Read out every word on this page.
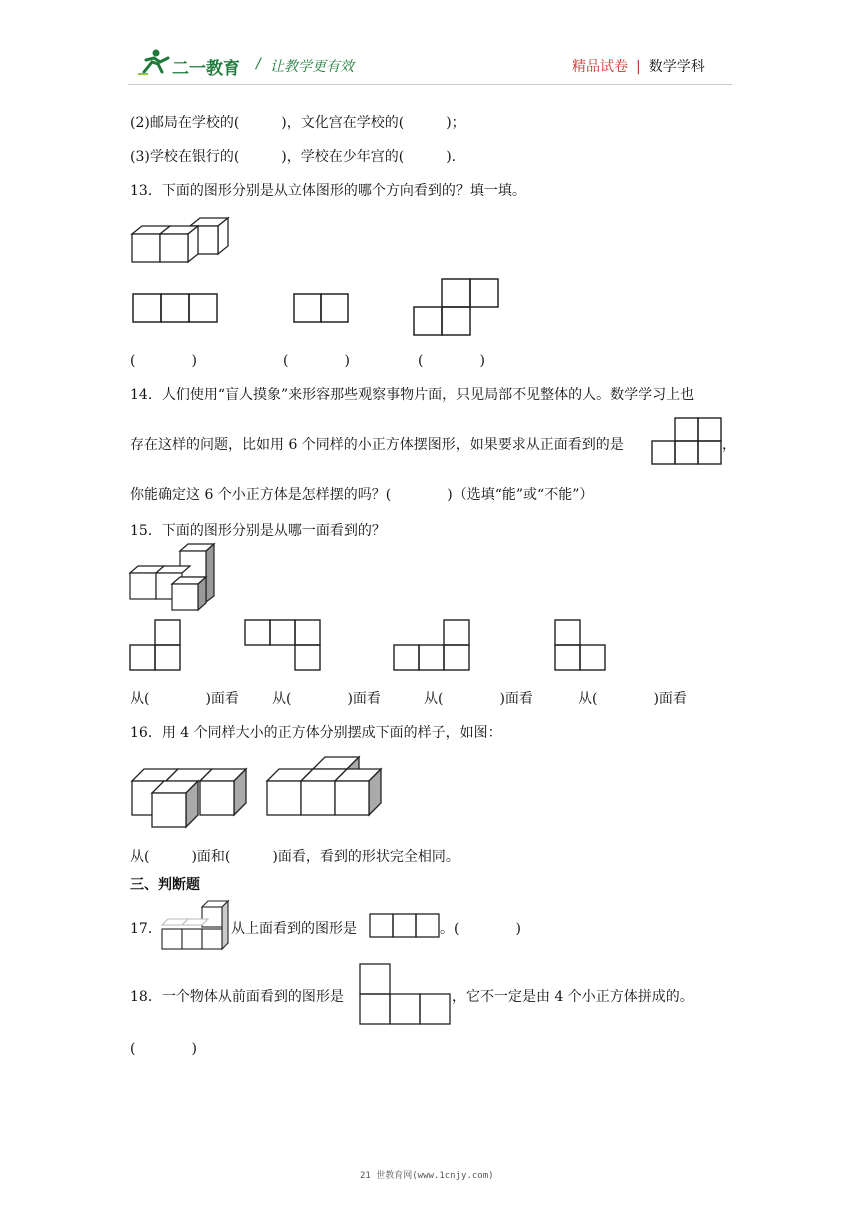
二一教育 / 让教学更有效	精品试卷 | 数学学科
(2)邮局在学校的(　　　)，文化宫在学校的(　　　)；
(3)学校在银行的(　　　)，学校在少年宫的(　　　).
13．下面的图形分别是从立体图形的哪个方向看到的？填一填。
(　　　　)	(　　　　)	(　　　　)
14．人们使用“盲人摸象”来形容那些观察事物片面，只见局部不见整体的人。数学学习上也
存在这样的问题，比如用 6 个同样的小正方体摆图形，如果要求从正面看到的是	，
你能确定这 6 个小正方体是怎样摆的吗？(　　　　)（选填“能”或“不能”）
15．下面的图形分别是从哪一面看到的？
从(　　　　)面看 从(　　　　)面看	从(　　　　)面看	从(　　　　)面看
16．用 4 个同样大小的正方体分别摆成下面的样子，如图：
从(　　　)面和(　　　)面看，看到的形状完全相同。
三、判断题
17．	从上面看到的图形是	。(　　　　)
18．一个物体从前面看到的图形是	，它不一定是由 4 个小正方体拼成的。
(　　　　)
21 世教育网(www.1cnjy.com)
